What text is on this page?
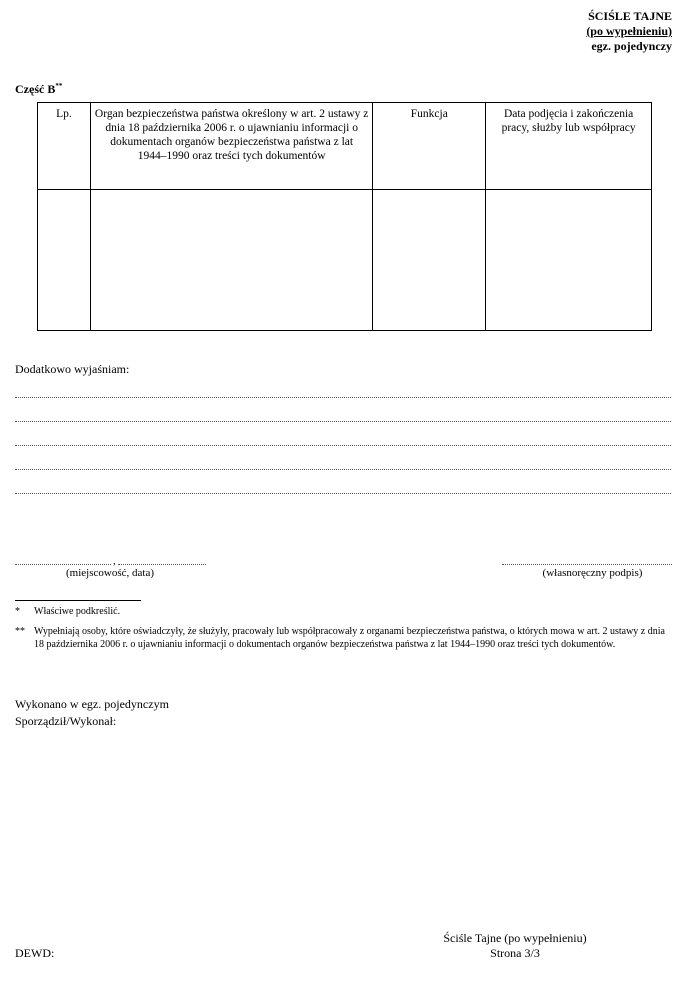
ŚCIŚLE TAJNE
(po wypełnieniu)
egz. pojedynczy
Część B**
Lp.	Organ bezpieczeństwa państwa określony w art. 2 ustawy z dnia 18 października 2006 r. o ujawnianiu informacji o dokumentach organów bezpieczeństwa państwa z lat 1944–1990 oraz treści tych dokumentów	Funkcja	Data podjęcia i zakończenia pracy, służby lub współpracy

Dodatkowo wyjaśniam:
,
(miejscowość, data)	(własnoręczny podpis)
* Właściwe podkreślić.
** Wypełniają osoby, które oświadczyły, że służyły, pracowały lub współpracowały z organami bezpieczeństwa państwa, o których mowa w art. 2 ustawy z dnia 18 października 2006 r. o ujawnianiu informacji o dokumentach organów bezpieczeństwa państwa z lat 1944–1990 oraz treści tych dokumentów.
Wykonano w egz. pojedynczym
Sporządził/Wykonał:
DEWD:
Ściśle Tajne (po wypełnieniu)
Strona 3/3
